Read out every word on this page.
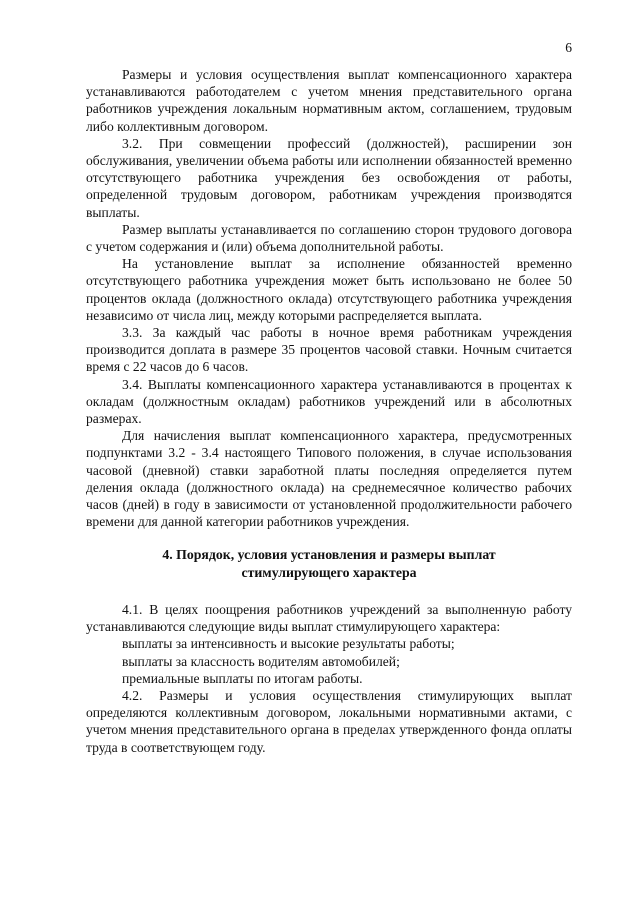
6

Размеры и условия осуществления выплат компенсационного характера устанавливаются работодателем с учетом мнения представительного органа работников учреждения локальным нормативным актом, соглашением, трудовым либо коллективным договором.

3.2. При совмещении профессий (должностей), расширении зон обслуживания, увеличении объема работы или исполнении обязанностей временно отсутствующего работника учреждения без освобождения от работы, определенной трудовым договором, работникам учреждения производятся выплаты.

Размер выплаты устанавливается по соглашению сторон трудового договора с учетом содержания и (или) объема дополнительной работы.

На установление выплат за исполнение обязанностей временно отсутствующего работника учреждения может быть использовано не более 50 процентов оклада (должностного оклада) отсутствующего работника учреждения независимо от числа лиц, между которыми распределяется выплата.

3.3. За каждый час работы в ночное время работникам учреждения производится доплата в размере 35 процентов часовой ставки. Ночным считается время с 22 часов до 6 часов.

3.4. Выплаты компенсационного характера устанавливаются в процентах к окладам (должностным окладам) работников учреждений или в абсолютных размерах.

Для начисления выплат компенсационного характера, предусмотренных подпунктами 3.2 - 3.4 настоящего Типового положения, в случае использования часовой (дневной) ставки заработной платы последняя определяется путем деления оклада (должностного оклада) на среднемесячное количество рабочих часов (дней) в году в зависимости от установленной продолжительности рабочего времени для данной категории работников учреждения.

4. Порядок, условия установления и размеры выплат
стимулирующего характера

4.1. В целях поощрения работников учреждений за выполненную работу устанавливаются следующие виды выплат стимулирующего характера:

выплаты за интенсивность и высокие результаты работы;

выплаты за классность водителям автомобилей;

премиальные выплаты по итогам работы.

4.2. Размеры и условия осуществления стимулирующих выплат определяются коллективным договором, локальными нормативными актами, с учетом мнения представительного органа в пределах утвержденного фонда оплаты труда в соответствующем году.
